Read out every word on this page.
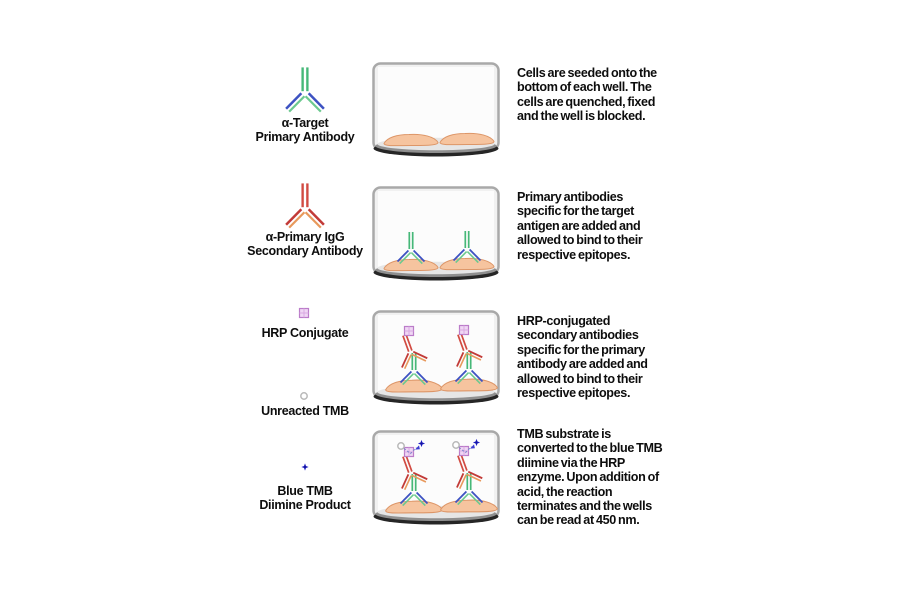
α-Target
Primary Antibody
α-Primary IgG
Secondary Antibody
HRP Conjugate
Unreacted TMB
Blue TMB
Diimine Product
Cells are seeded onto the bottom of each well. The cells are quenched, fixed and the well is blocked.
Primary antibodies specific for the target antigen are added and allowed to bind to their respective epitopes.
HRP-conjugated secondary antibodies specific for the primary antibody are added and allowed to bind to their respective epitopes.
TMB substrate is converted to the blue TMB diimine via the HRP enzyme. Upon addition of acid, the reaction terminates and the wells can be read at 450 nm.
